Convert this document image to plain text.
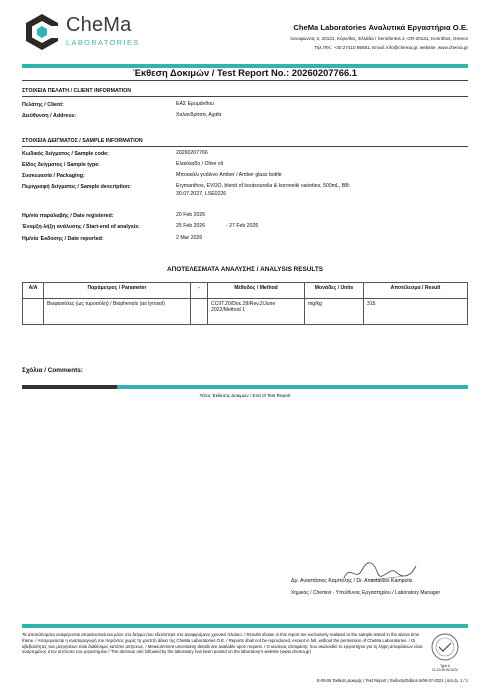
CheMa
LABORATORIES
ChеMa Laboratories Αναλυτικά Εργαστήρια Ο.Ε.
Ξενοφώντος 2, 20131, Κόρινθος, Ελλάδα / Xenofontos 2, GR-20131, Korinthos, Greece
Τηλ./Tel.: +30 27410 85681, Email: info@chema.gr, website: www.chema.gr
Έκθεση Δοκιμών / Test Report No.: 20260207766.1
ΣΤΟΙΧΕΙΑ ΠΕΛΑΤΗ / CLIENT INFORMATION
Πελάτης / Client:	ΕΑΣ Ερυμάνθου
Διεύθυνση / Address:	Χαλανδρίτσα, Αχαΐα
ΣΤΟΙΧΕΙΑ ΔΕΙΓΜΑΤΟΣ / SAMPLE INFORMATION
Κωδικός δείγματος / Sample code:	20260207766
Είδος δείγματος / Sample type:	Ελαιόλαδο / Olive oil
Συσκευασία / Packaging:	Μπουκάλι γυάλινο Amber / Amber glass bottle
Περιγραφή δείγματος / Sample description:	Erymanthos, EVOO, blend of koutsourelia & koroneiki varieties, 500mL, BB: 30.07.2027, LSE0226
Ημ/νία παραλαβής / Date registered:	20 Feb 2026
Έναρξη-λήξη ανάλυσης / Start-end of analysis:	25 Feb 2026	- 27 Feb 2026
Ημ/νία Έκδοσης / Date reported:	2 Mar 2026
ΑΠΟΤΕΛΕΣΜΑΤΑ ΑΝΑΛΥΣΗΣ / ANALYSIS RESULTS
Α/Α	Παράμετρος / Parameter	-	Μέθοδος / Method	Μονάδες / Units	Αποτέλεσμα / Result
	Βιοφαινόλες (ως τυροσόλη) / Biophenols (as tyrosol)		CCI/T.20/Doc.29/Rev.2/June 2022/Method 1	mg/kg	315
Σχόλια / Comments:
Τέλος Έκθεσης Δοκιμών / End of Test Report
Δρ. Αναστάσιος Καμπόλης / Dr. Anastasios Kampolis
Χημικός / Chemist - Υπεύθυνος Εργαστηρίου / Laboratory Manager
Τα αποτελέσματα αναφέρονται αποκλειστικά και μόνο στο δείγμα που εξετάστηκε στο αναφερόμενο χρονικό πλαίσιο. / Results shown in this report are exclusively realated to the sample tested in the above time frame. / Απαγορεύεται η αναπαραγωγή του παρόντος χωρίς τη γραπτή άδεια της ChеMa Laboratories Ο.Ε. / Reports shall not be reproduced, except in full, without the permission of ChеMa Laboratories. / Οι αβεβαιότητες των μετρήσεων είναι διαθέσιμες κατόπιν αιτήσεως. / Measurement uncertainty details are available upon request. / Ο κανόνας απόφασης που ακολουθεί το εργαστήριο για τη λήψη αποφάσεων είναι αναρτημένος στον ιστότοπο του εργαστηρίου / The decision rule followed by the laboratory has been posted on the laboratory's website (www.chema.gr)
Type A
01-12/19 00/11/24
Ε-09.06 Έκθεση Δοκιμής / Test Report | Έκδοση/Edition 6/06-07-2021 | σελ./p. 1 / 1
